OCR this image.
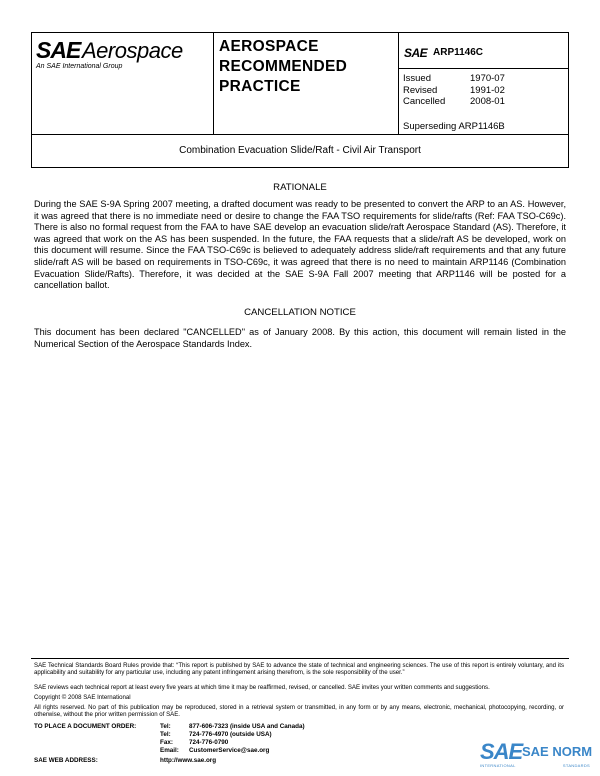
SAE Aerospace
An SAE International Group
AEROSPACE
RECOMMENDED
PRACTICE
SAE ARP1146C
Issued	1970-07
Revised	1991-02
Cancelled	2008-01
Superseding ARP1146B
Combination Evacuation Slide/Raft - Civil Air Transport
RATIONALE

During the SAE S-9A Spring 2007 meeting, a drafted document was ready to be presented to convert the ARP to an AS. However, it was agreed that there is no immediate need or desire to change the FAA TSO requirements for slide/rafts (Ref: FAA TSO-C69c). There is also no formal request from the FAA to have SAE develop an evacuation slide/raft Aerospace Standard (AS). Therefore, it was agreed that work on the AS has been suspended. In the future, the FAA requests that a slide/raft AS be developed, work on this document will resume. Since the FAA TSO-C69c is believed to adequately address slide/raft requirements and that any future slide/raft AS will be based on requirements in TSO-C69c, it was agreed that there is no need to maintain ARP1146 (Combination Evacuation Slide/Rafts). Therefore, it was decided at the SAE S-9A Fall 2007 meeting that ARP1146 will be posted for a cancellation ballot.

CANCELLATION NOTICE

This document has been declared "CANCELLED" as of January 2008. By this action, this document will remain listed in the Numerical Section of the Aerospace Standards Index.

SAE Technical Standards Board Rules provide that: “This report is published by SAE to advance the state of technical and engineering sciences. The use of this report is entirely voluntary, and its applicability and suitability for any particular use, including any patent infringement arising therefrom, is the sole responsibility of the user.”

SAE reviews each technical report at least every five years at which time it may be reaffirmed, revised, or cancelled. SAE invites your written comments and suggestions.

Copyright © 2008 SAE International

All rights reserved. No part of this publication may be reproduced, stored in a retrieval system or transmitted, in any form or by any means, electronic, mechanical, photocopying, recording, or otherwise, without the prior written permission of SAE.

TO PLACE A DOCUMENT ORDER:	Tel:	877-606-7323 (inside USA and Canada)
Tel:	724-776-4970 (outside USA)
Fax:	724-776-0790
Email:	CustomerService@sae.org
SAE WEB ADDRESS:	http://www.sae.org	SAE SAE NORM
INTERNATIONAL	STANDARDS
